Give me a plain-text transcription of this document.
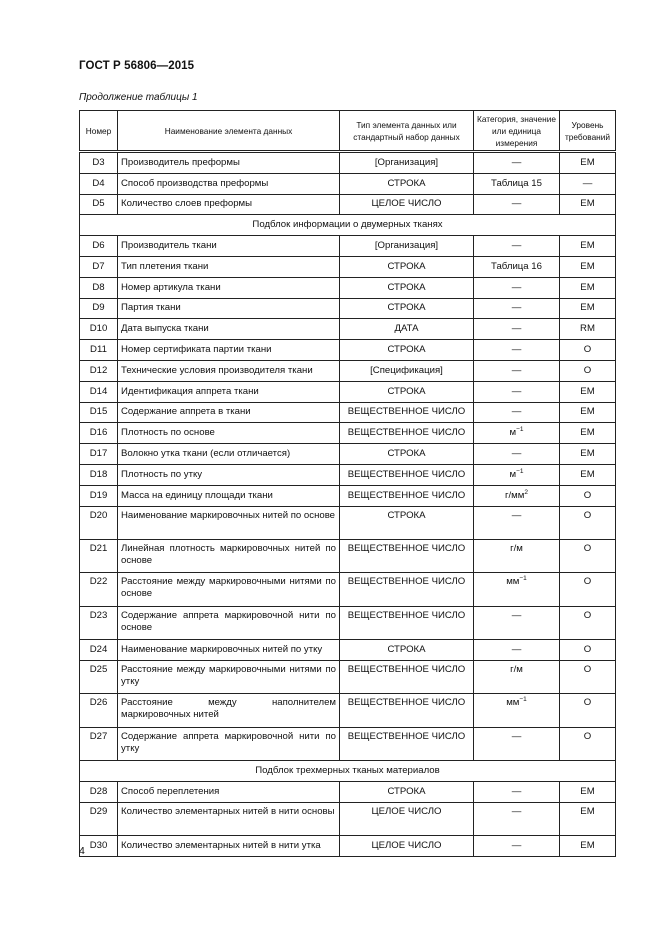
ГОСТ Р 56806—2015
Продолжение таблицы 1
Номер	Наименование элемента данных	Тип элемента данных или стандартный набор данных	Категория, значение или единица измерения	Уровень требований
D3	Производитель преформы	[Организация]	—	EM
D4	Способ производства преформы	СТРОКА	Таблица 15	—
D5	Количество слоев преформы	ЦЕЛОЕ ЧИСЛО	—	EM
Подблок информации о двумерных тканях				
D6	Производитель ткани	[Организация]	—	EM
D7	Тип плетения ткани	СТРОКА	Таблица 16	EM
D8	Номер артикула ткани	СТРОКА	—	EM
D9	Партия ткани	СТРОКА	—	EM
D10	Дата выпуска ткани	ДАТА	—	RM
D11	Номер сертификата партии ткани	СТРОКА	—	O
D12	Технические условия производителя ткани	[Спецификация]	—	O
D14	Идентификация аппрета ткани	СТРОКА	—	EM
D15	Содержание аппрета в ткани	ВЕЩЕСТВЕННОЕ ЧИСЛО	—	EM
D16	Плотность по основе	ВЕЩЕСТВЕННОЕ ЧИСЛО	$м^{-1}$	EM
D17	Волокно утка ткани (если отличается)	СТРОКА	—	EM
D18	Плотность по утку	ВЕЩЕСТВЕННОЕ ЧИСЛО	$м^{-1}$	EM
D19	Масса на единицу площади ткани	ВЕЩЕСТВЕННОЕ ЧИСЛО	$г/мм^2$	O
D20	Наименование маркировочных нитей по основе	СТРОКА	—	O
D21	Линейная плотность маркировочных нитей по основе	ВЕЩЕСТВЕННОЕ ЧИСЛО	г/м	O
D22	Расстояние между маркировочными нитями по основе	ВЕЩЕСТВЕННОЕ ЧИСЛО	$мм^{-1}$	O
D23	Содержание аппрета маркировочной нити по основе	ВЕЩЕСТВЕННОЕ ЧИСЛО	—	O
D24	Наименование маркировочных нитей по утку	СТРОКА	—	O
D25	Расстояние между маркировочными нитями по утку	ВЕЩЕСТВЕННОЕ ЧИСЛО	г/м	O
D26	Расстояние между наполнителем маркировочных нитей	ВЕЩЕСТВЕННОЕ ЧИСЛО	$мм^{-1}$	O
D27	Содержание аппрета маркировочной нити по утку	ВЕЩЕСТВЕННОЕ ЧИСЛО	—	O
Подблок трехмерных тканых материалов				
D28	Способ переплетения	СТРОКА	—	EM
D29	Количество элементарных нитей в нити основы	ЦЕЛОЕ ЧИСЛО	—	EM
D30	Количество элементарных нитей в нити утка	ЦЕЛОЕ ЧИСЛО	—	EM
4
